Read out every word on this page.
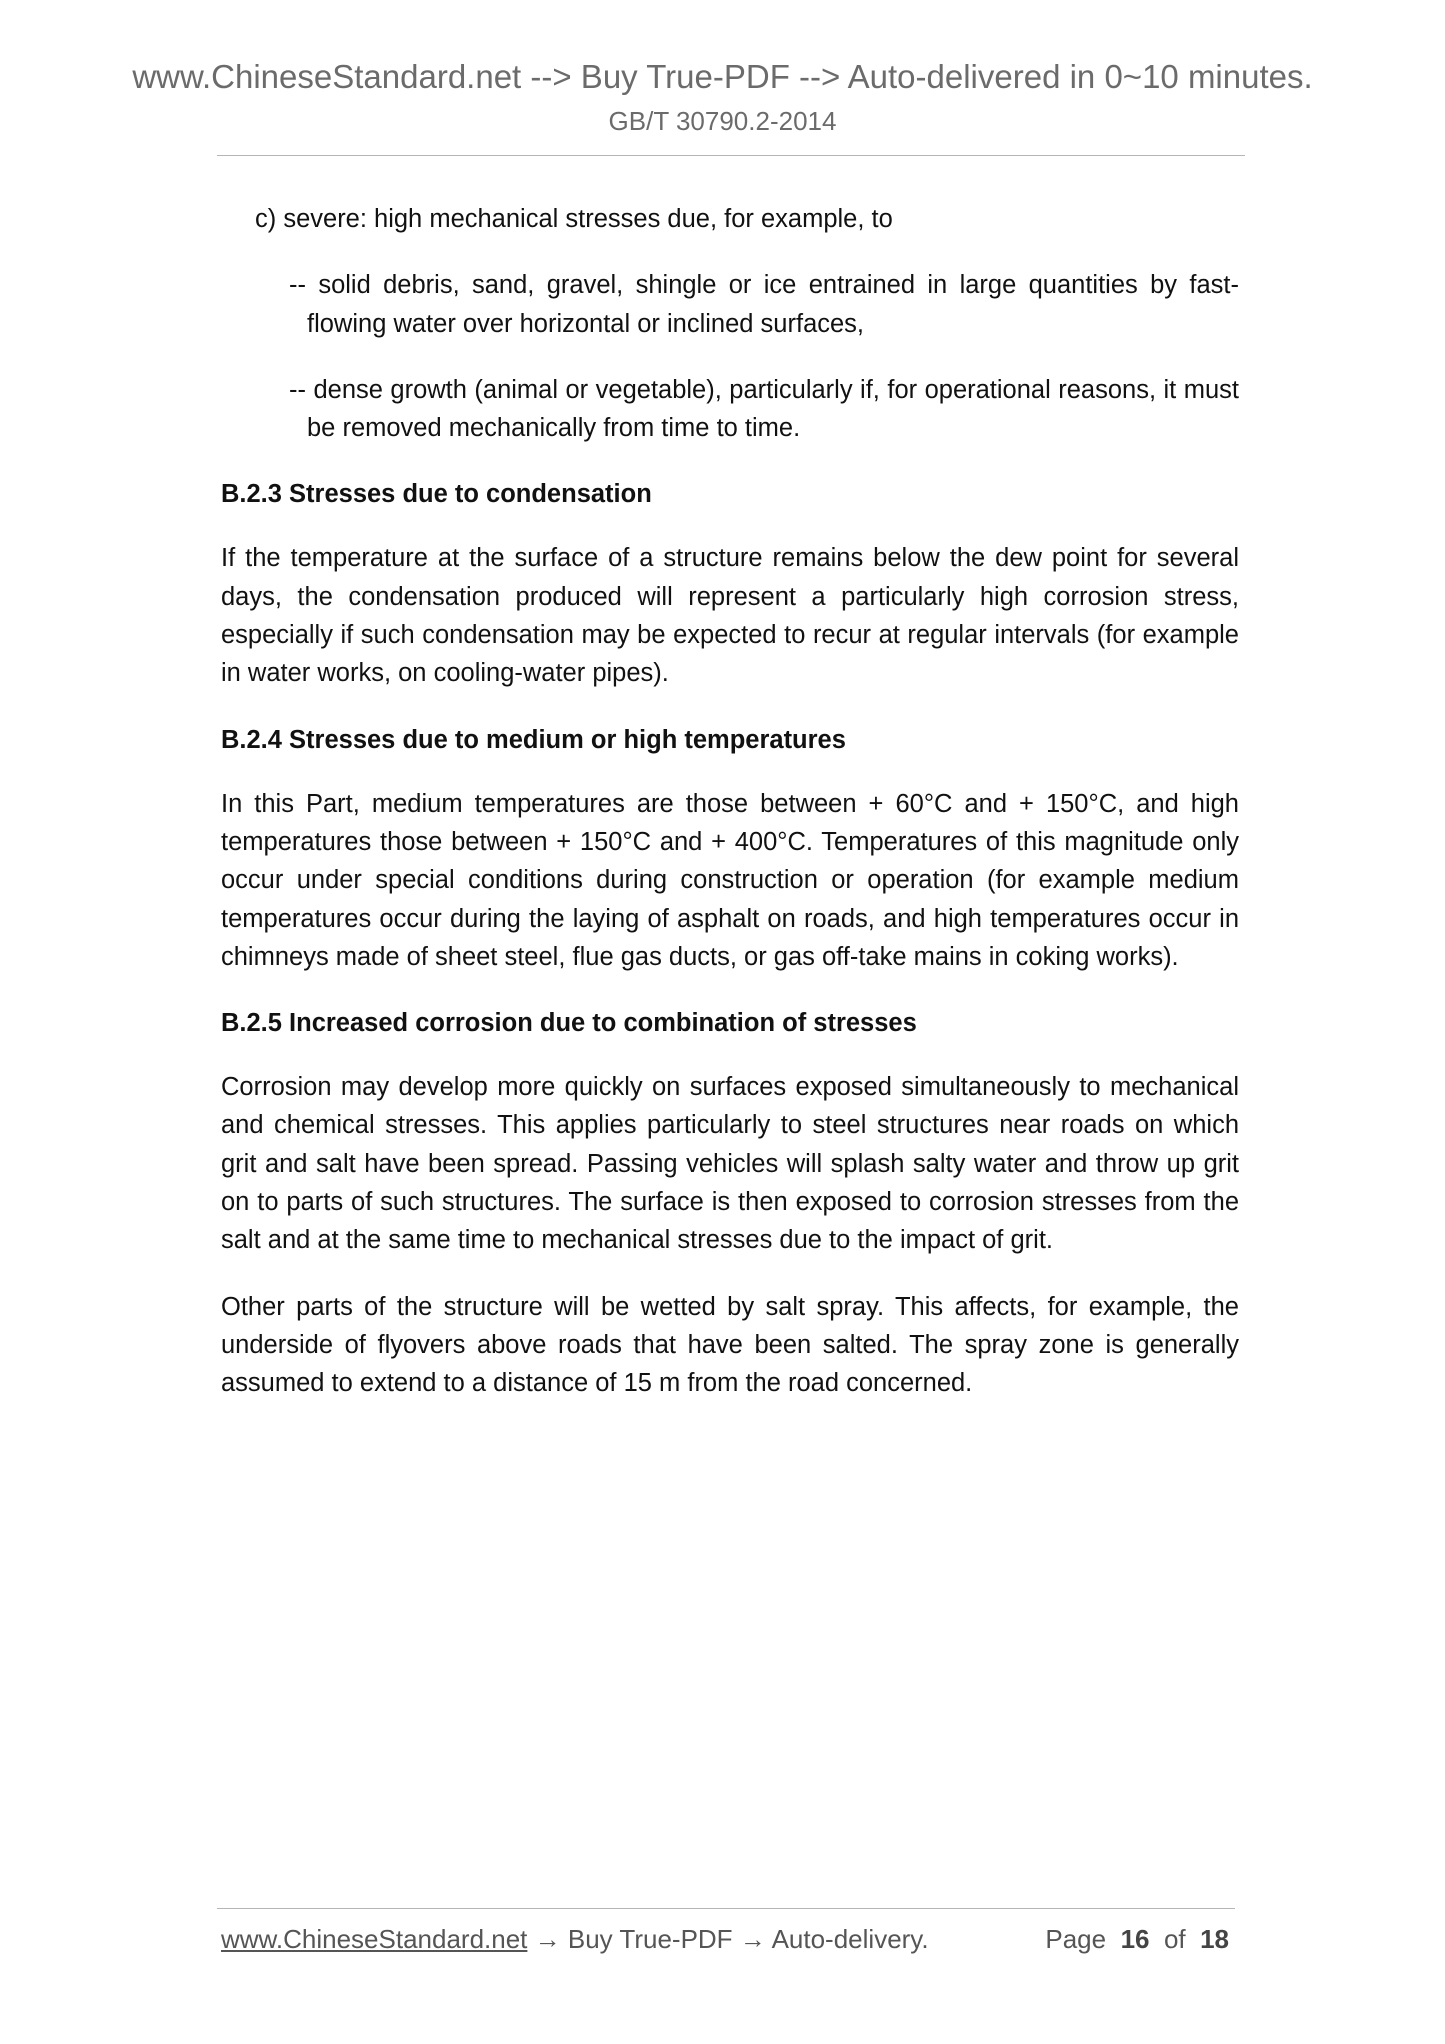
www.ChineseStandard.net --> Buy True-PDF --> Auto-delivered in 0~10 minutes.
GB/T 30790.2-2014

c) severe: high mechanical stresses due, for example, to

-- solid debris, sand, gravel, shingle or ice entrained in large quantities by fast-flowing water over horizontal or inclined surfaces,

-- dense growth (animal or vegetable), particularly if, for operational reasons, it must be removed mechanically from time to time.

B.2.3 Stresses due to condensation

If the temperature at the surface of a structure remains below the dew point for several days, the condensation produced will represent a particularly high corrosion stress, especially if such condensation may be expected to recur at regular intervals (for example in water works, on cooling-water pipes).

B.2.4 Stresses due to medium or high temperatures

In this Part, medium temperatures are those between + 60°C and + 150°C, and high temperatures those between + 150°C and + 400°C. Temperatures of this magnitude only occur under special conditions during construction or operation (for example medium temperatures occur during the laying of asphalt on roads, and high temperatures occur in chimneys made of sheet steel, flue gas ducts, or gas off-take mains in coking works).

B.2.5 Increased corrosion due to combination of stresses

Corrosion may develop more quickly on surfaces exposed simultaneously to mechanical and chemical stresses. This applies particularly to steel structures near roads on which grit and salt have been spread. Passing vehicles will splash salty water and throw up grit on to parts of such structures. The surface is then exposed to corrosion stresses from the salt and at the same time to mechanical stresses due to the impact of grit.

Other parts of the structure will be wetted by salt spray. This affects, for example, the underside of flyovers above roads that have been salted. The spray zone is generally assumed to extend to a distance of 15 m from the road concerned.

www.ChineseStandard.net → Buy True-PDF → Auto-delivery.	Page 16 of 18
